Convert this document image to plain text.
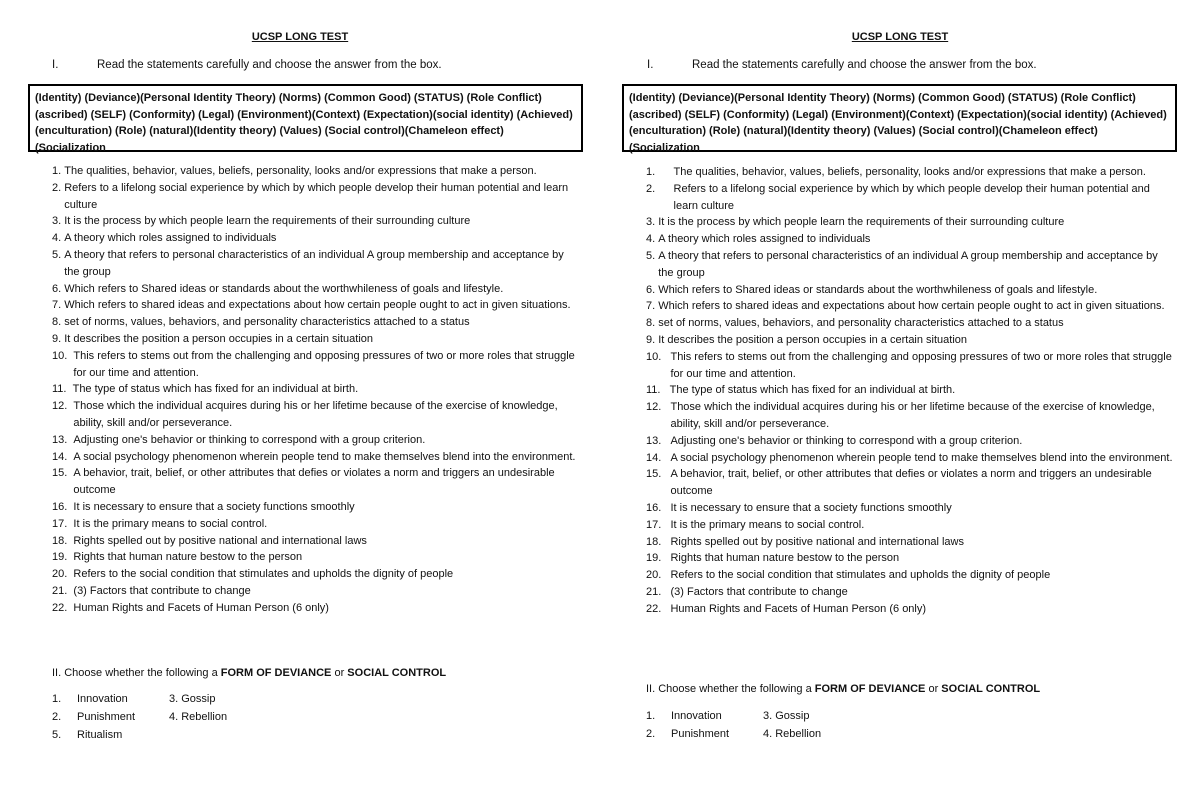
UCSP LONG TEST
I.	Read the statements carefully and choose the answer from the box.
(Identity) (Deviance)(Personal Identity Theory) (Norms) (Common Good) (STATUS) (Role Conflict)
(ascribed) (SELF) (Conformity) (Legal) (Environment)(Context) (Expectation)(social identity) (Achieved)
(enculturation) (Role) (natural)(Identity theory) (Values) (Social control)(Chameleon effect)
(Socialization
1. The qualities, behavior, values, beliefs, personality, looks and/or expressions that make a person.
2. Refers to a lifelong social experience by which by which people develop their human potential and learn culture
3. It is the process by which people learn the requirements of their surrounding culture
4. A theory which roles assigned to individuals
5. A theory that refers to personal characteristics of an individual A group membership and acceptance by the group
6. Which refers to Shared ideas or standards about the worthwhileness of goals and lifestyle.
7. Which refers to shared ideas and expectations about how certain people ought to act in given situations.
8. set of norms, values, behaviors, and personality characteristics attached to a status
9. It describes the position a person occupies in a certain situation
10. This refers to stems out from the challenging and opposing pressures of two or more roles that struggle for our time and attention.
11. The type of status which has fixed for an individual at birth.
12. Those which the individual acquires during his or her lifetime because of the exercise of knowledge, ability, skill and/or perseverance.
13. Adjusting one's behavior or thinking to correspond with a group criterion.
14. A social psychology phenomenon wherein people tend to make themselves blend into the environment.
15. A behavior, trait, belief, or other attributes that defies or violates a norm and triggers an undesirable outcome
16. It is necessary to ensure that a society functions smoothly
17. It is the primary means to social control.
18. Rights spelled out by positive national and international laws
19. Rights that human nature bestow to the person
20. Refers to the social condition that stimulates and upholds the dignity of people
21. (3) Factors that contribute to change
22. Human Rights and Facets of Human Person (6 only)
II. Choose whether the following a FORM OF DEVIANCE or SOCIAL CONTROL
1.	Innovation	3. Gossip
2.	Punishment	4. Rebellion
5.	Ritualism
UCSP LONG TEST
I.	Read the statements carefully and choose the answer from the box.
(Identity) (Deviance)(Personal Identity Theory) (Norms) (Common Good) (STATUS) (Role Conflict)
(ascribed) (SELF) (Conformity) (Legal) (Environment)(Context) (Expectation)(social identity) (Achieved)
(enculturation) (Role) (natural)(Identity theory) (Values) (Social control)(Chameleon effect)
(Socialization
1. The qualities, behavior, values, beliefs, personality, looks and/or expressions that make a person.
2. Refers to a lifelong social experience by which by which people develop their human potential and learn culture
3. It is the process by which people learn the requirements of their surrounding culture
4. A theory which roles assigned to individuals
5. A theory that refers to personal characteristics of an individual A group membership and acceptance by the group
6. Which refers to Shared ideas or standards about the worthwhileness of goals and lifestyle.
7. Which refers to shared ideas and expectations about how certain people ought to act in given situations.
8. set of norms, values, behaviors, and personality characteristics attached to a status
9. It describes the position a person occupies in a certain situation
10. This refers to stems out from the challenging and opposing pressures of two or more roles that struggle for our time and attention.
11. The type of status which has fixed for an individual at birth.
12. Those which the individual acquires during his or her lifetime because of the exercise of knowledge, ability, skill and/or perseverance.
13. Adjusting one's behavior or thinking to correspond with a group criterion.
14. A social psychology phenomenon wherein people tend to make themselves blend into the environment.
15. A behavior, trait, belief, or other attributes that defies or violates a norm and triggers an undesirable outcome
16. It is necessary to ensure that a society functions smoothly
17. It is the primary means to social control.
18. Rights spelled out by positive national and international laws
19. Rights that human nature bestow to the person
20. Refers to the social condition that stimulates and upholds the dignity of people
21. (3) Factors that contribute to change
22. Human Rights and Facets of Human Person (6 only)
II. Choose whether the following a FORM OF DEVIANCE or SOCIAL CONTROL
1.	Innovation	3. Gossip
2.	Punishment	4. Rebellion
